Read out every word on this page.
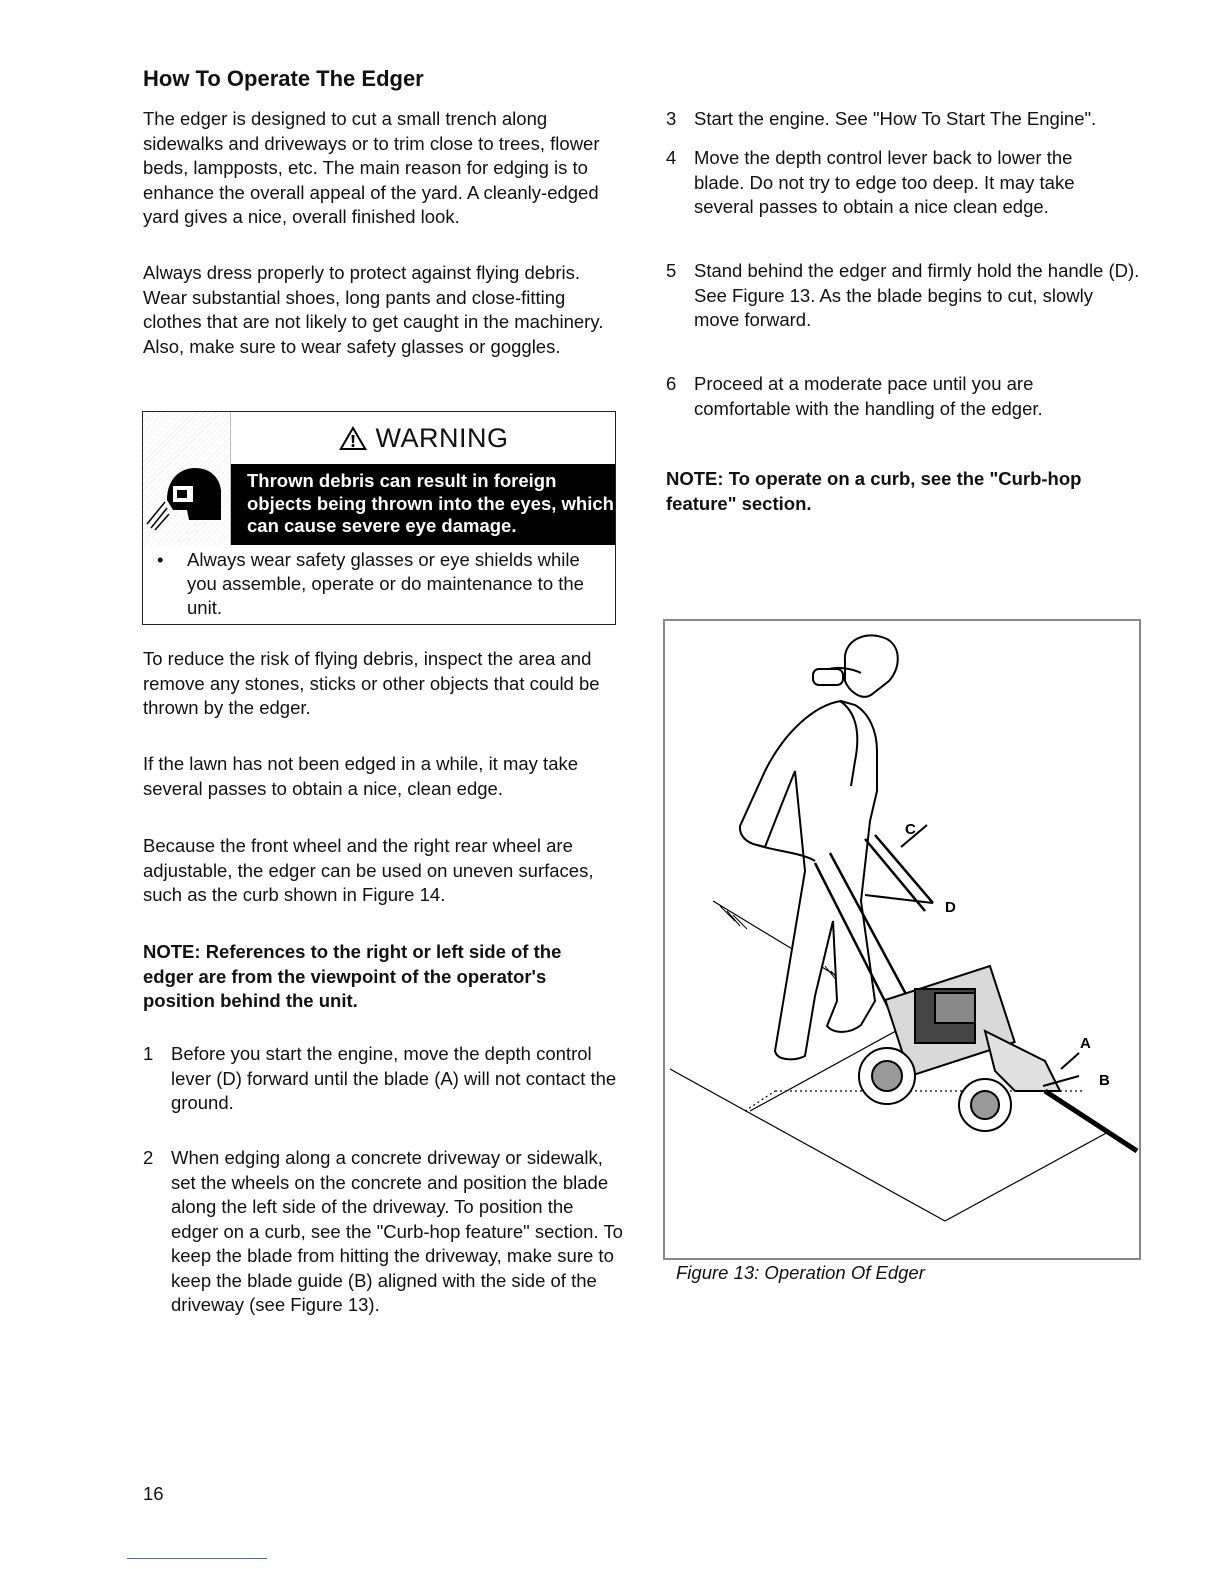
How To Operate The Edger

The edger is designed to cut a small trench along sidewalks and driveways or to trim close to trees, flower beds, lampposts, etc. The main reason for edging is to enhance the overall appeal of the yard. A cleanly-edged yard gives a nice, overall finished look.

Always dress properly to protect against flying debris. Wear substantial shoes, long pants and close-fitting clothes that are not likely to get caught in the machinery. Also, make sure to wear safety glasses or goggles.

WARNING
Thrown debris can result in foreign objects being thrown into the eyes, which can cause severe eye damage.
•	Always wear safety glasses or eye shields while you assemble, operate or do maintenance to the unit.

To reduce the risk of flying debris, inspect the area and remove any stones, sticks or other objects that could be thrown by the edger.

If the lawn has not been edged in a while, it may take several passes to obtain a nice, clean edge.

Because the front wheel and the right rear wheel are adjustable, the edger can be used on uneven surfaces, such as the curb shown in Figure 14.

NOTE: References to the right or left side of the edger are from the viewpoint of the operator's position behind the unit.

1 Before you start the engine, move the depth control lever (D) forward until the blade (A) will not contact the ground.
2 When edging along a concrete driveway or sidewalk, set the wheels on the concrete and position the blade along the left side of the driveway. To position the edger on a curb, see the "Curb-hop feature" section. To keep the blade from hitting the driveway, make sure to keep the blade guide (B) aligned with the side of the driveway (see Figure 13).
3 Start the engine. See "How To Start The Engine".
4 Move the depth control lever back to lower the blade. Do not try to edge too deep. It may take several passes to obtain a nice clean edge.
5 Stand behind the edger and firmly hold the handle (D). See Figure 13. As the blade begins to cut, slowly move forward.
6 Proceed at a moderate pace until you are comfortable with the handling of the edger.

NOTE: To operate on a curb, see the "Curb-hop feature" section.

C
D
A
B
Figure 13: Operation Of Edger
16
